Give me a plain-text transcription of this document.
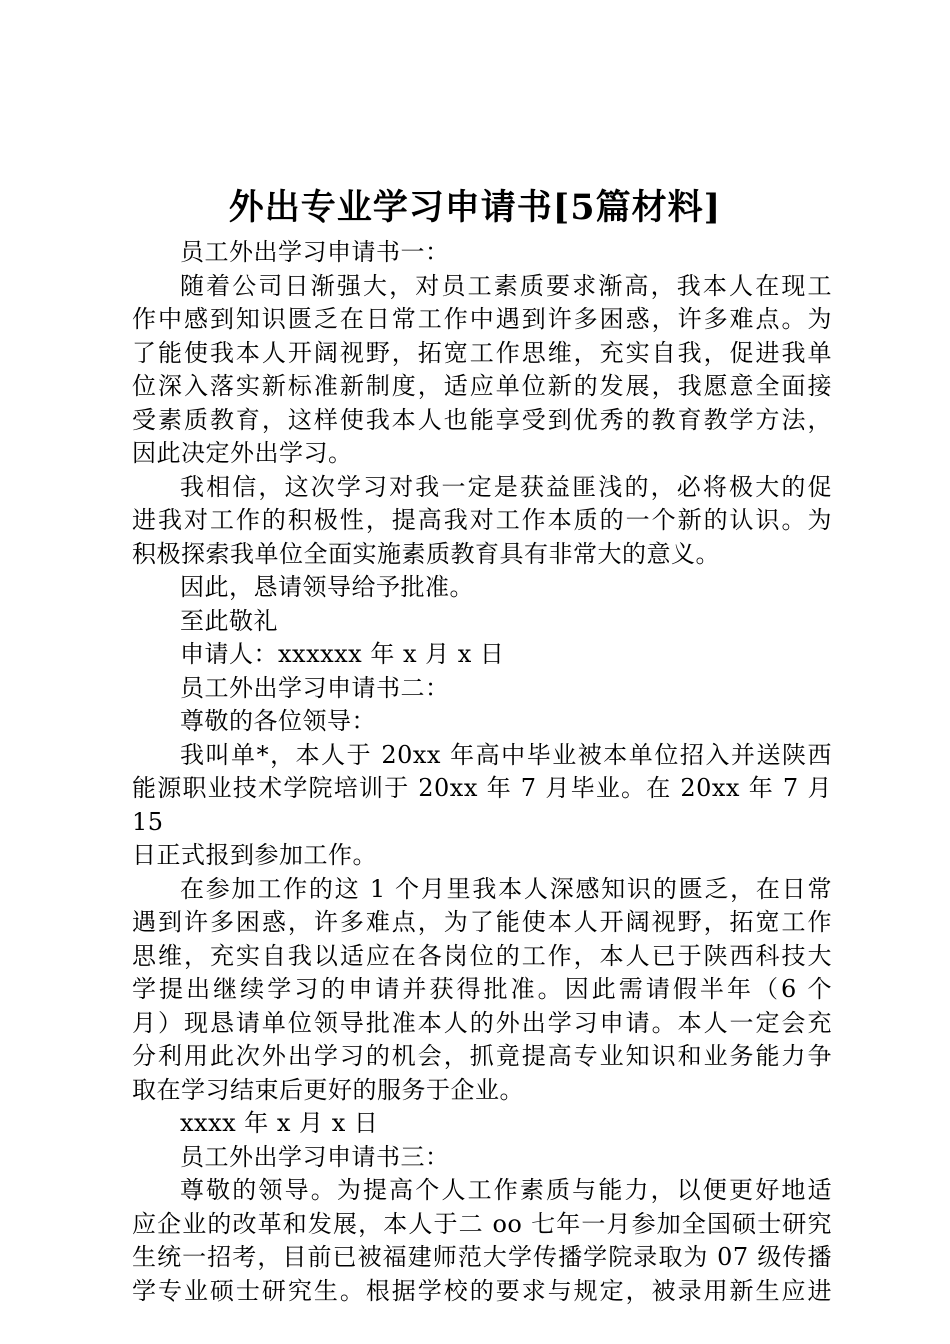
外出专业学习申请书[5篇材料]

员工外出学习申请书一：

随着公司日渐强大，对员工素质要求渐高，我本人在现工

作中感到知识匮乏在日常工作中遇到许多困惑，许多难点。为

了能使我本人开阔视野，拓宽工作思维，充实自我，促进我单

位深入落实新标准新制度，适应单位新的发展，我愿意全面接

受素质教育，这样使我本人也能享受到优秀的教育教学方法，

因此决定外出学习。

我相信，这次学习对我一定是获益匪浅的，必将极大的促

进我对工作的积极性，提高我对工作本质的一个新的认识。为

积极探索我单位全面实施素质教育具有非常大的意义。

因此，恳请领导给予批准。

至此敬礼

申请人：xxxxxx 年 x 月 x 日

员工外出学习申请书二：

尊敬的各位领导：

我叫单*，本人于 20xx 年高中毕业被本单位招入并送陕西

能源职业技术学院培训于 20xx 年 7 月毕业。在 20xx 年 7 月 15

日正式报到参加工作。

在参加工作的这 1 个月里我本人深感知识的匮乏，在日常

遇到许多困惑，许多难点，为了能使本人开阔视野，拓宽工作

思维，充实自我以适应在各岗位的工作，本人已于陕西科技大

学提出继续学习的申请并获得批准。因此需请假半年（6 个

月）现恳请单位领导批准本人的外出学习申请。本人一定会充

分利用此次外出学习的机会，抓竟提高专业知识和业务能力争

取在学习结束后更好的服务于企业。

xxxx 年 x 月 x 日

员工外出学习申请书三：

尊敬的领导。为提高个人工作素质与能力，以便更好地适

应企业的改革和发展，本人于二 oo 七年一月参加全国硕士研究

生统一招考，目前已被福建师范大学传播学院录取为 07 级传播

学专业硕士研究生。根据学校的要求与规定，被录用新生应进
